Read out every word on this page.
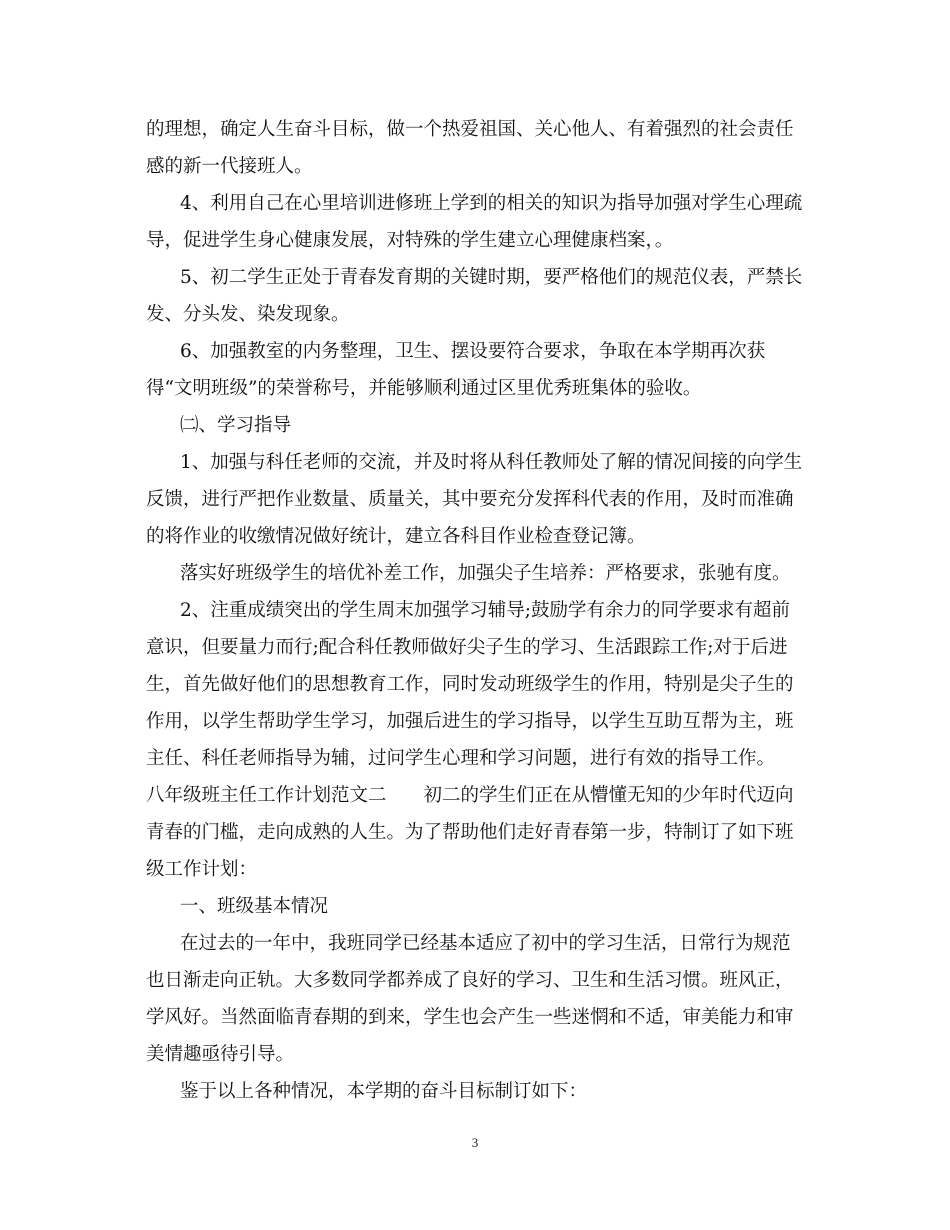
的理想，确定人生奋斗目标，做一个热爱祖国、关心他人、有着强烈的社会责任
感的新一代接班人。
4、利用自己在心里培训进修班上学到的相关的知识为指导加强对学生心理疏
导，促进学生身心健康发展，对特殊的学生建立心理健康档案，。
5、初二学生正处于青春发育期的关键时期，要严格他们的规范仪表，严禁长
发、分头发、染发现象。
6、加强教室的内务整理，卫生、摆设要符合要求，争取在本学期再次获
得“文明班级”的荣誉称号，并能够顺利通过区里优秀班集体的验收。
㈡、学习指导
1、加强与科任老师的交流，并及时将从科任教师处了解的情况间接的向学生
反馈，进行严把作业数量、质量关，其中要充分发挥科代表的作用，及时而准确
的将作业的收缴情况做好统计，建立各科目作业检查登记簿。
落实好班级学生的培优补差工作，加强尖子生培养：严格要求，张驰有度。
2、注重成绩突出的学生周末加强学习辅导;鼓励学有余力的同学要求有超前
意识，但要量力而行;配合科任教师做好尖子生的学习、生活跟踪工作;对于后进
生，首先做好他们的思想教育工作，同时发动班级学生的作用，特别是尖子生的
作用，以学生帮助学生学习，加强后进生的学习指导，以学生互助互帮为主，班
主任、科任老师指导为辅，过问学生心理和学习问题，进行有效的指导工作。
八年级班主任工作计划范文二　　初二的学生们正在从懵懂无知的少年时代迈向
青春的门槛，走向成熟的人生。为了帮助他们走好青春第一步，特制订了如下班
级工作计划：
一、班级基本情况
在过去的一年中，我班同学已经基本适应了初中的学习生活，日常行为规范
也日渐走向正轨。大多数同学都养成了良好的学习、卫生和生活习惯。班风正，
学风好。当然面临青春期的到来，学生也会产生一些迷惘和不适，审美能力和审
美情趣亟待引导。
鉴于以上各种情况，本学期的奋斗目标制订如下：
3
